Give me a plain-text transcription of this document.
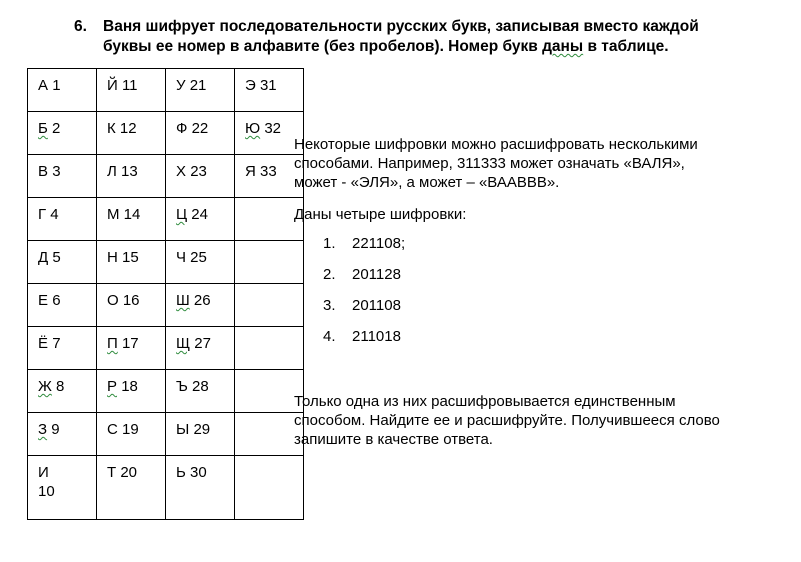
6. Ваня шифрует последовательности русских букв, записывая вместо каждой
буквы ее номер в алфавите (без пробелов). Номер букв даны в таблице.
А 1	Й 11	У 21	Э 31

Б 2	К 12	Ф 22	Ю 32

В 3	Л 13	Х 23	Я 33

Г 4	М 14	Ц 24	

Д 5	Н 15	Ч 25	

Е 6	О 16	Ш 26	

Ё 7	П 17	Щ 27	

Ж 8	Р 18	Ъ 28	

З 9	С 19	Ы 29	

И
10	Т 20	Ь 30	

Некоторые шифровки можно расшифровать несколькими
способами. Например, 311333 может означать «ВАЛЯ»,
может - «ЭЛЯ», а может – «ВААВВВ».
Даны четыре шифровки:
1. 221108;
2. 201128
3. 201108
4. 211018
Только одна из них расшифровывается единственным
способом. Найдите ее и расшифруйте. Получившееся слово
запишите в качестве ответа.
